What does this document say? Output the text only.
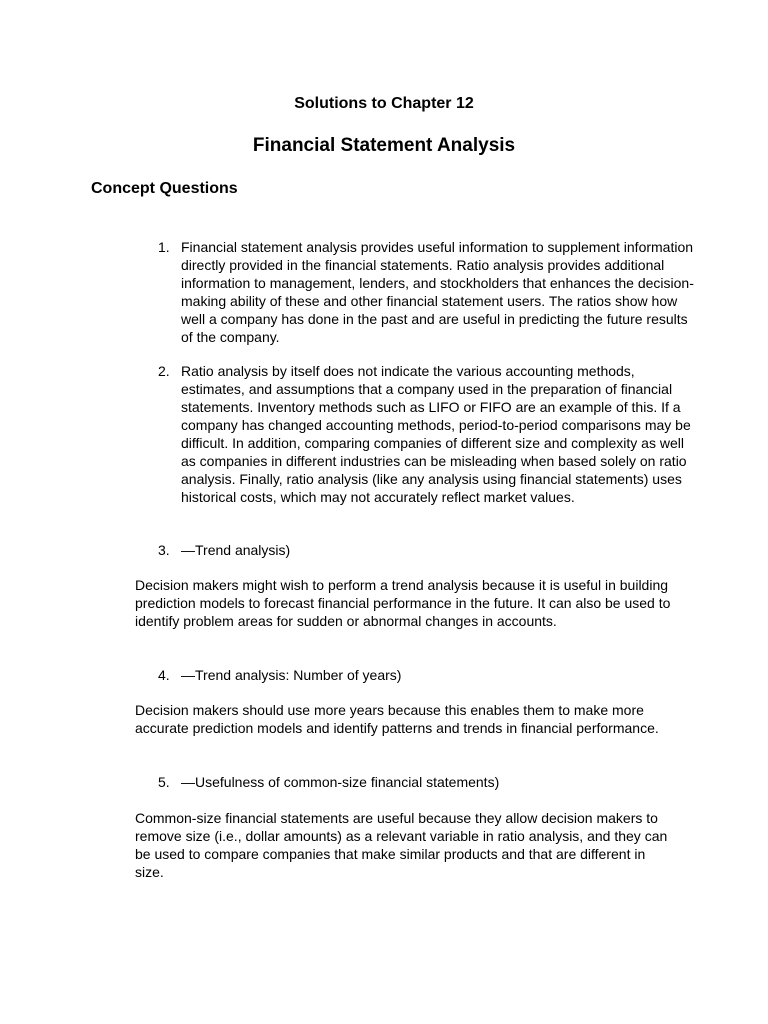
Solutions to Chapter 12
Financial Statement Analysis
Concept Questions
1. Financial statement analysis provides useful information to supplement information directly provided in the financial statements. Ratio analysis provides additional information to management, lenders, and stockholders that enhances the decision-making ability of these and other financial statement users. The ratios show how well a company has done in the past and are useful in predicting the future results of the company.
2. Ratio analysis by itself does not indicate the various accounting methods, estimates, and assumptions that a company used in the preparation of financial statements. Inventory methods such as LIFO or FIFO are an example of this. If a company has changed accounting methods, period-to-period comparisons may be difficult. In addition, comparing companies of different size and complexity as well as companies in different industries can be misleading when based solely on ratio analysis. Finally, ratio analysis (like any analysis using financial statements) uses historical costs, which may not accurately reflect market values.
3. —Trend analysis)
Decision makers might wish to perform a trend analysis because it is useful in building prediction models to forecast financial performance in the future. It can also be used to identify problem areas for sudden or abnormal changes in accounts.
4. —Trend analysis: Number of years)
Decision makers should use more years because this enables them to make more accurate prediction models and identify patterns and trends in financial performance.
5. —Usefulness of common-size financial statements)
Common-size financial statements are useful because they allow decision makers to remove size (i.e., dollar amounts) as a relevant variable in ratio analysis, and they can be used to compare companies that make similar products and that are different in size.
